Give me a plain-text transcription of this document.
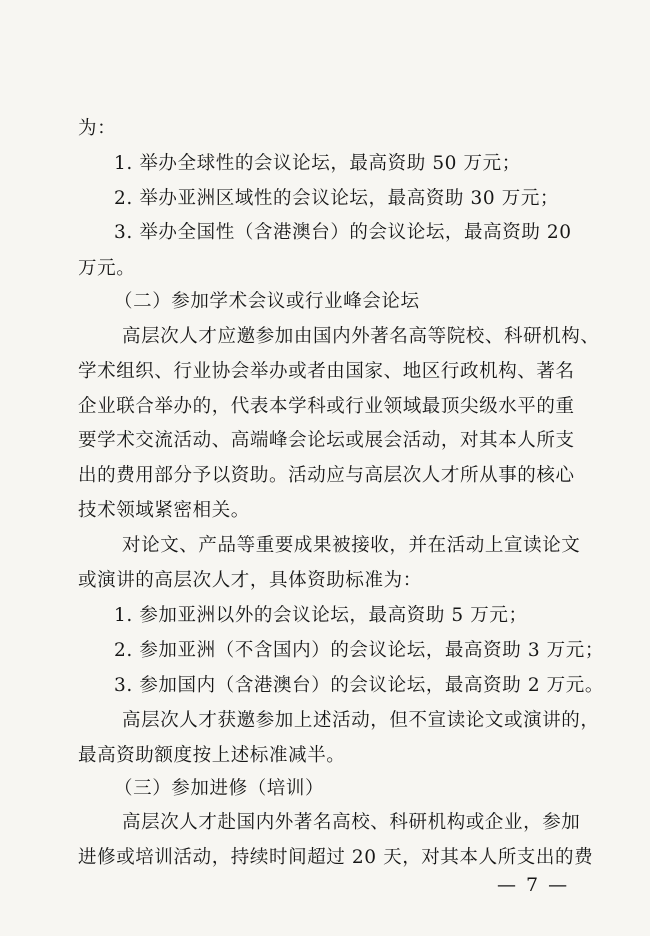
为：
1. 举办全球性的会议论坛，最高资助 50 万元；
2. 举办亚洲区域性的会议论坛，最高资助 30 万元；
3. 举办全国性（含港澳台）的会议论坛，最高资助 20
万元。
（二）参加学术会议或行业峰会论坛
高层次人才应邀参加由国内外著名高等院校、科研机构、
学术组织、行业协会举办或者由国家、地区行政机构、著名
企业联合举办的，代表本学科或行业领域最顶尖级水平的重
要学术交流活动、高端峰会论坛或展会活动，对其本人所支
出的费用部分予以资助。活动应与高层次人才所从事的核心
技术领域紧密相关。
对论文、产品等重要成果被接收，并在活动上宣读论文
或演讲的高层次人才，具体资助标准为：
1. 参加亚洲以外的会议论坛，最高资助 5 万元；
2. 参加亚洲（不含国内）的会议论坛，最高资助 3 万元；
3. 参加国内（含港澳台）的会议论坛，最高资助 2 万元。
高层次人才获邀参加上述活动，但不宣读论文或演讲的，
最高资助额度按上述标准减半。
（三）参加进修（培训）
高层次人才赴国内外著名高校、科研机构或企业，参加
进修或培训活动，持续时间超过 20 天，对其本人所支出的费
— 7 —
